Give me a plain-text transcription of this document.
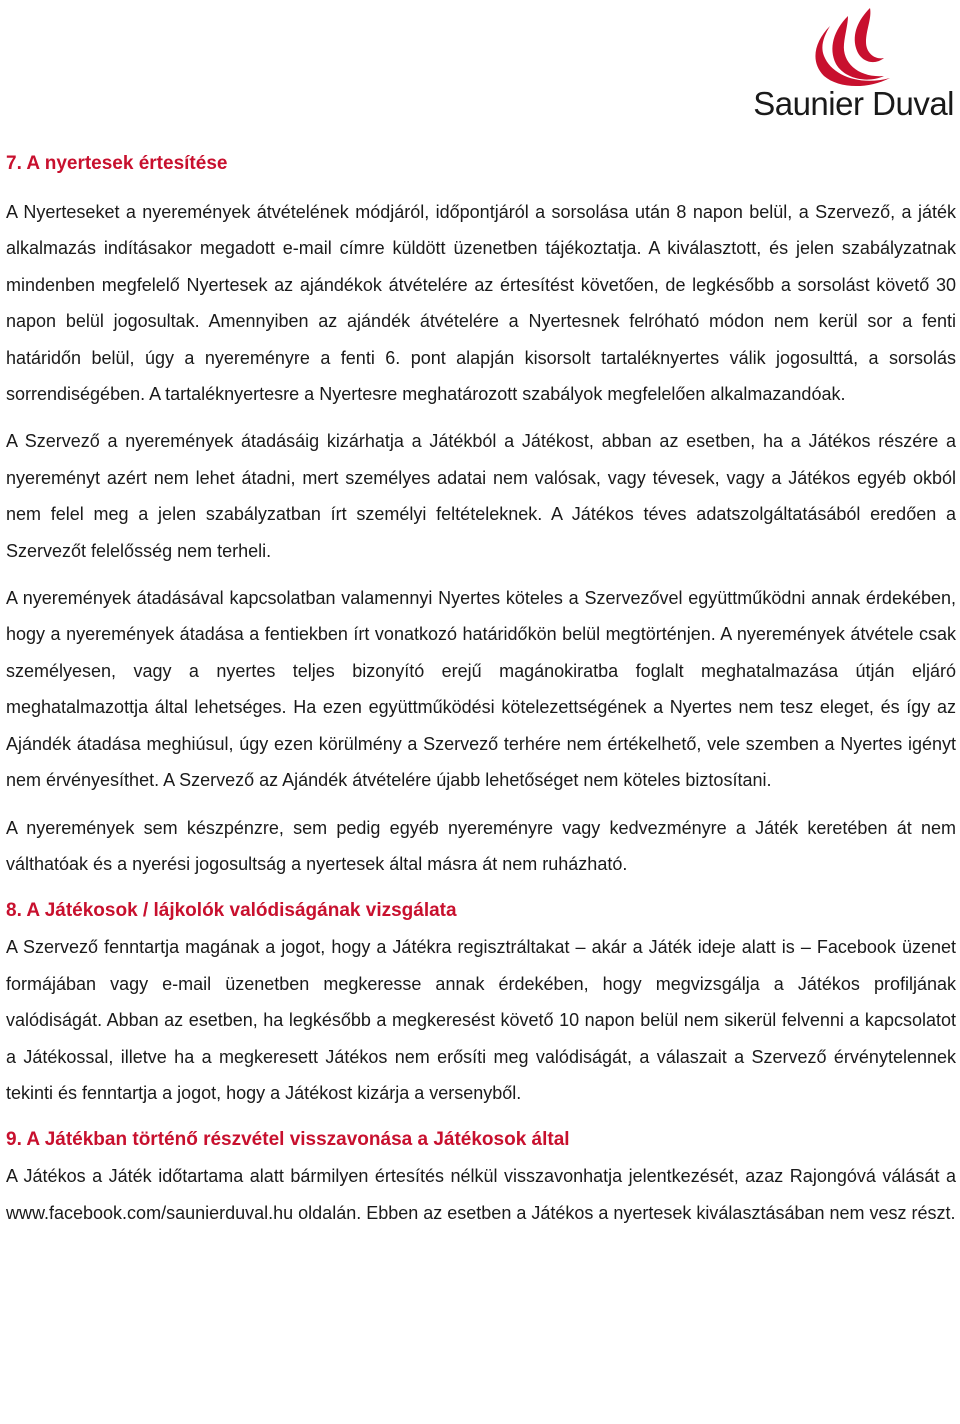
Saunier Duval
7. A nyertesek értesítése

A Nyerteseket a nyeremények átvételének módjáról, időpontjáról a sorsolása után 8 napon belül, a Szervező, a játék alkalmazás indításakor megadott e-mail címre küldött üzenetben tájékoztatja. A kiválasztott, és jelen szabályzatnak mindenben megfelelő Nyertesek az ajándékok átvételére az értesítést követően, de legkésőbb a sorsolást követő 30 napon belül jogosultak. Amennyiben az ajándék átvételére a Nyertesnek felróható módon nem kerül sor a fenti határidőn belül, úgy a nyereményre a fenti 6. pont alapján kisorsolt tartaléknyertes válik jogosulttá, a sorsolás sorrendiségében. A tartaléknyertesre a Nyertesre meghatározott szabályok megfelelően alkalmazandóak.

A Szervező a nyeremények átadásáig kizárhatja a Játékból a Játékost, abban az esetben, ha a Játékos részére a nyereményt azért nem lehet átadni, mert személyes adatai nem valósak, vagy tévesek, vagy a Játékos egyéb okból nem felel meg a jelen szabályzatban írt személyi feltételeknek. A Játékos téves adatszolgáltatásából eredően a Szervezőt felelősség nem terheli.

A nyeremények átadásával kapcsolatban valamennyi Nyertes köteles a Szervezővel együttműködni annak érdekében, hogy a nyeremények átadása a fentiekben írt vonatkozó határidőkön belül megtörténjen. A nyeremények átvétele csak személyesen, vagy a nyertes teljes bizonyító erejű magánokiratba foglalt meghatalmazása útján eljáró meghatalmazottja által lehetséges. Ha ezen együttműködési kötelezettségének a Nyertes nem tesz eleget, és így az Ajándék átadása meghiúsul, úgy ezen körülmény a Szervező terhére nem értékelhető, vele szemben a Nyertes igényt nem érvényesíthet. A Szervező az Ajándék átvételére újabb lehetőséget nem köteles biztosítani.

A nyeremények sem készpénzre, sem pedig egyéb nyereményre vagy kedvezményre a Játék keretében át nem válthatóak és a nyerési jogosultság a nyertesek által másra át nem ruházható.

8. A Játékosok / lájkolók valódiságának vizsgálata

A Szervező fenntartja magának a jogot, hogy a Játékra regisztráltakat – akár a Játék ideje alatt is – Facebook üzenet formájában vagy e-mail üzenetben megkeresse annak érdekében, hogy megvizsgálja a Játékos profiljának valódiságát. Abban az esetben, ha legkésőbb a megkeresést követő 10 napon belül nem sikerül felvenni a kapcsolatot a Játékossal, illetve ha a megkeresett Játékos nem erősíti meg valódiságát, a válaszait a Szervező érvénytelennek tekinti és fenntartja a jogot, hogy a Játékost kizárja a versenyből.

9. A Játékban történő részvétel visszavonása a Játékosok által

A Játékos a Játék időtartama alatt bármilyen értesítés nélkül visszavonhatja jelentkezését, azaz Rajongóvá válását a www.facebook.com/saunierduval.hu oldalán. Ebben az esetben a Játékos a nyertesek kiválasztásában nem vesz részt.
